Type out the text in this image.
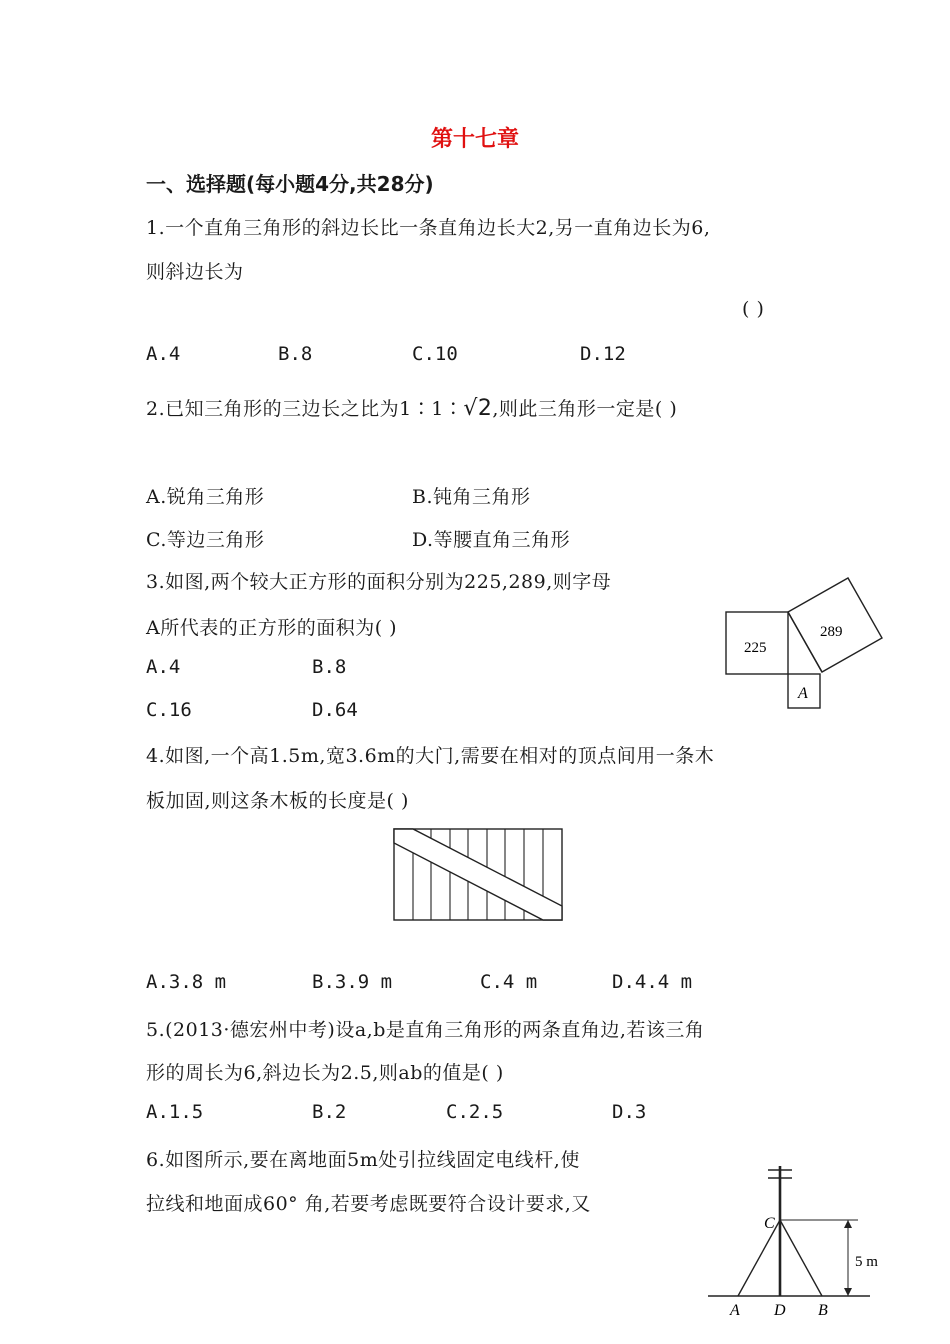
第十七章
一、选择题(每小题4分,共28分)
1.一个直角三角形的斜边长比一条直角边长大2,另一直角边长为6,
则斜边长为
( )
A.4	B.8	C.10	D.12
2.已知三角形的三边长之比为1∶1∶√2,则此三角形一定是( )
A.锐角三角形	B.钝角三角形
C.等边三角形	D.等腰直角三角形
3.如图,两个较大正方形的面积分别为225,289,则字母
A所代表的正方形的面积为( )
A.4	B.8
C.16	D.64
225
289
A
4.如图,一个高1.5m,宽3.6m的大门,需要在相对的顶点间用一条木
板加固,则这条木板的长度是( )
A.3.8 m	B.3.9 m	C.4 m	D.4.4 m
5.(2013·德宏州中考)设a,b是直角三角形的两条直角边,若该三角
形的周长为6,斜边长为2.5,则ab的值是( )
A.1.5	B.2	C.2.5	D.3
6.如图所示,要在离地面5m处引拉线固定电线杆,使
拉线和地面成60° 角,若要考虑既要符合设计要求,又
C
5 m
A D B
